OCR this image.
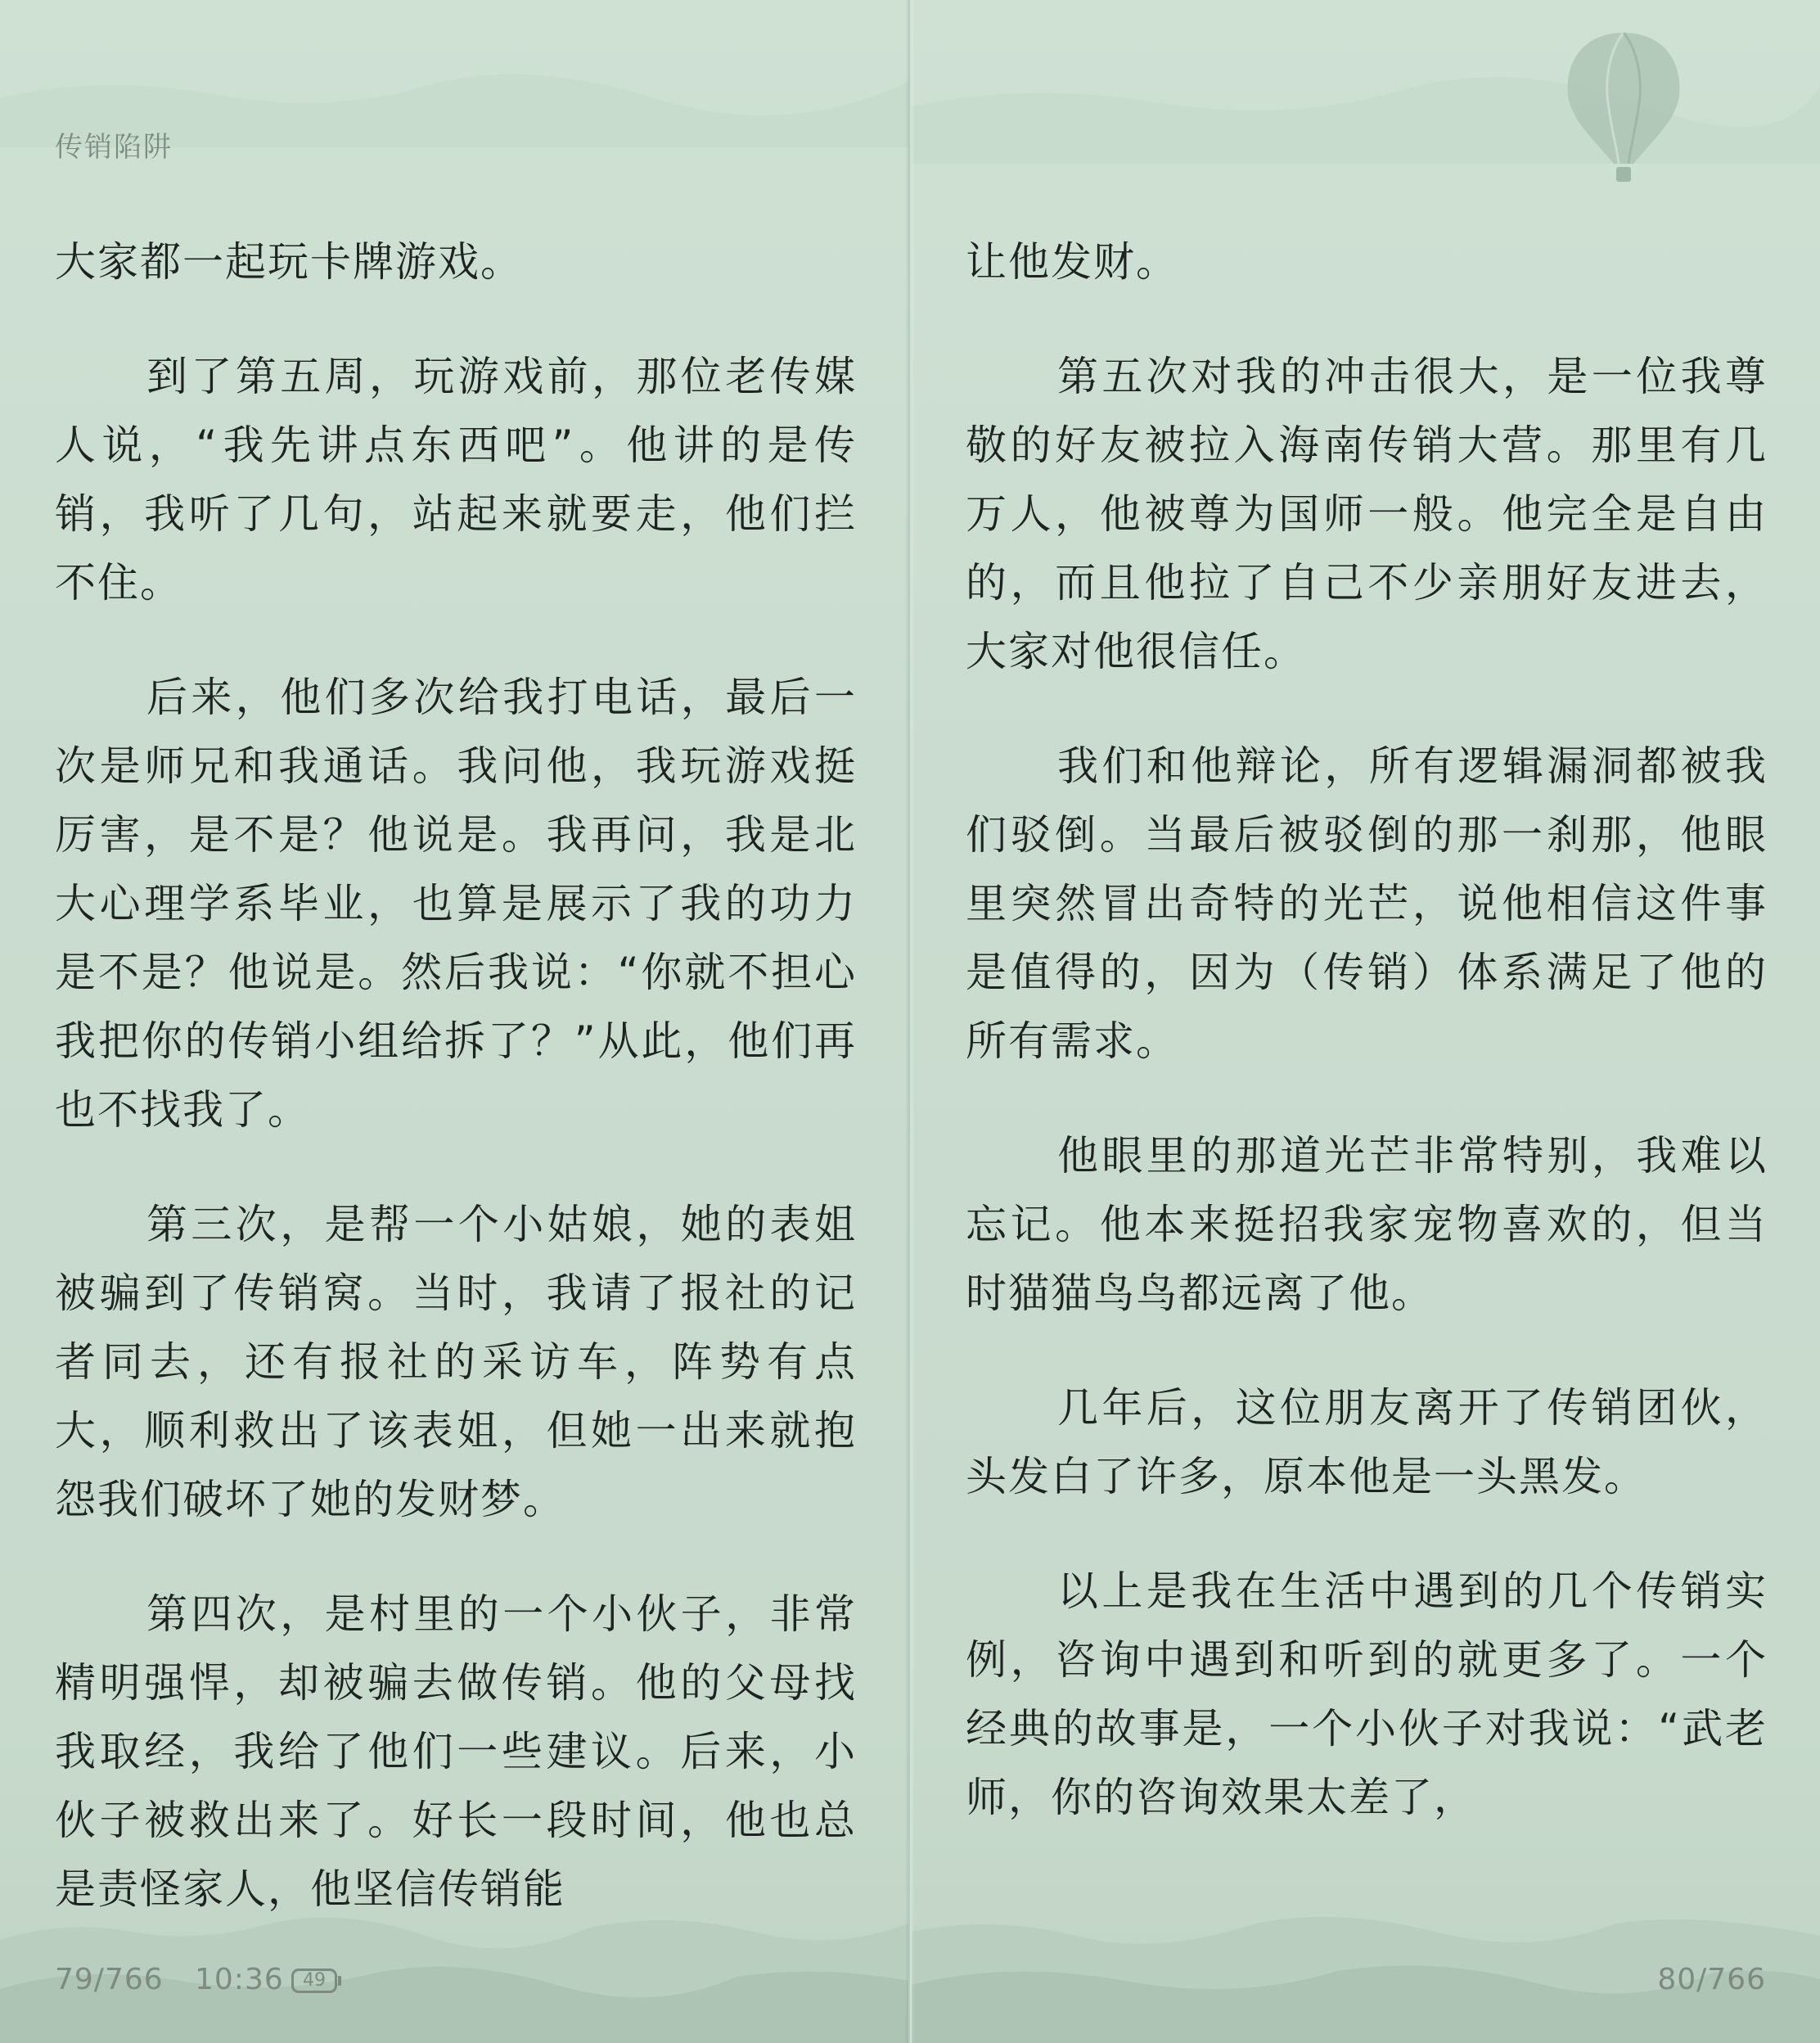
传销陷阱

大家都一起玩卡牌游戏。

到了第五周，玩游戏前，那位老传媒人说，“我先讲点东西吧”。他讲的是传销，我听了几句，站起来就要走，他们拦不住。

后来，他们多次给我打电话，最后一次是师兄和我通话。我问他，我玩游戏挺厉害，是不是？他说是。我再问，我是北大心理学系毕业，也算是展示了我的功力是不是？他说是。然后我说：“你就不担心我把你的传销小组给拆了？”从此，他们再也不找我了。

第三次，是帮一个小姑娘，她的表姐被骗到了传销窝。当时，我请了报社的记者同去，还有报社的采访车，阵势有点大，顺利救出了该表姐，但她一出来就抱怨我们破坏了她的发财梦。

第四次，是村里的一个小伙子，非常精明强悍，却被骗去做传销。他的父母找我取经，我给了他们一些建议。后来，小伙子被救出来了。好长一段时间，他也总是责怪家人，他坚信传销能

79/766 10:36	49

让他发财。

第五次对我的冲击很大，是一位我尊敬的好友被拉入海南传销大营。那里有几万人，他被尊为国师一般。他完全是自由的，而且他拉了自己不少亲朋好友进去，大家对他很信任。

我们和他辩论，所有逻辑漏洞都被我们驳倒。当最后被驳倒的那一刹那，他眼里突然冒出奇特的光芒，说他相信这件事是值得的，因为（传销）体系满足了他的所有需求。

他眼里的那道光芒非常特别，我难以忘记。他本来挺招我家宠物喜欢的，但当时猫猫鸟鸟都远离了他。

几年后，这位朋友离开了传销团伙，头发白了许多，原本他是一头黑发。

以上是我在生活中遇到的几个传销实例，咨询中遇到和听到的就更多了。一个经典的故事是，一个小伙子对我说：“武老师，你的咨询效果太差了，

80/766
